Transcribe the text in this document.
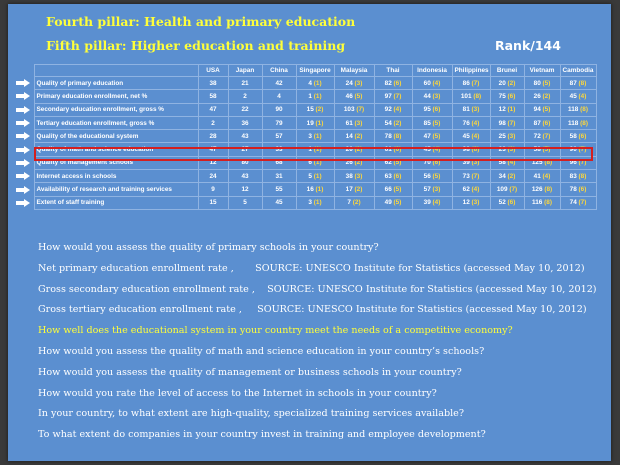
Fourth pillar: Health and primary education
Fifth pillar: Higher education and training	Rank/144
		USA	Japan	China	Singapore	Malaysia	Thai	Indonesia	Philippines	Brunei	Vietnam	Cambodia

	Quality of primary education	38	21	42	4 (1)	24 (3)	82 (6)	60 (4)	86 (7)	20 (2)	80 (5)	87 (8)

	Primary education enrollment, net %	58	2	4	1 (1)	46 (5)	97 (7)	44 (3)	101 (8)	75 (6)	26 (2)	45 (4)

	Secondary education enrollment, gross %	47	22	90	15 (2)	103 (7)	92 (4)	95 (6)	81 (3)	12 (1)	94 (5)	118 (8)

	Tertiary education enrollment, gross %	2	36	79	19 (1)	61 (3)	54 (2)	85 (5)	76 (4)	98 (7)	87 (6)	118 (8)

	Quality of the educational system	28	43	57	3 (1)	14 (2)	78 (8)	47 (5)	45 (4)	25 (3)	72 (7)	58 (6)

	Quality of math and science education	47	27	33	1 (1)	20 (2)	61 (6)	45 (4)	98 (8)	23 (3)	58 (5)	90 (7)

	Quality of management schools	12	80	68	6 (1)	26 (2)	62 (5)	70 (6)	39 (3)	58 (4)	125 (8)	96 (7)

	Internet access in schools	24	43	31	5 (1)	38 (3)	63 (6)	56 (5)	73 (7)	34 (2)	41 (4)	83 (8)

	Availability of research and training services	9	12	55	16 (1)	17 (2)	66 (5)	57 (3)	62 (4)	109 (7)	126 (8)	78 (6)

	Extent of staff training	15	5	45	3 (1)	7 (2)	49 (5)	39 (4)	12 (3)	52 (6)	116 (8)	74 (7)
How would you assess the quality of primary schools in your country?
Net primary education enrollment rate ,       SOURCE: UNESCO Institute for Statistics (accessed May 10, 2012)
Gross secondary education enrollment rate ,    SOURCE: UNESCO Institute for Statistics (accessed May 10, 2012)
Gross tertiary education enrollment rate ,     SOURCE: UNESCO Institute for Statistics (accessed May 10, 2012)
How well does the educational system in your country meet the needs of a competitive economy?
How would you assess the quality of math and science education in your country’s schools?
How would you assess the quality of management or business schools in your country?
How would you rate the level of access to the Internet in schools in your country?
In your country, to what extent are high-quality, specialized training services available?
To what extent do companies in your country invest in training and employee development?
